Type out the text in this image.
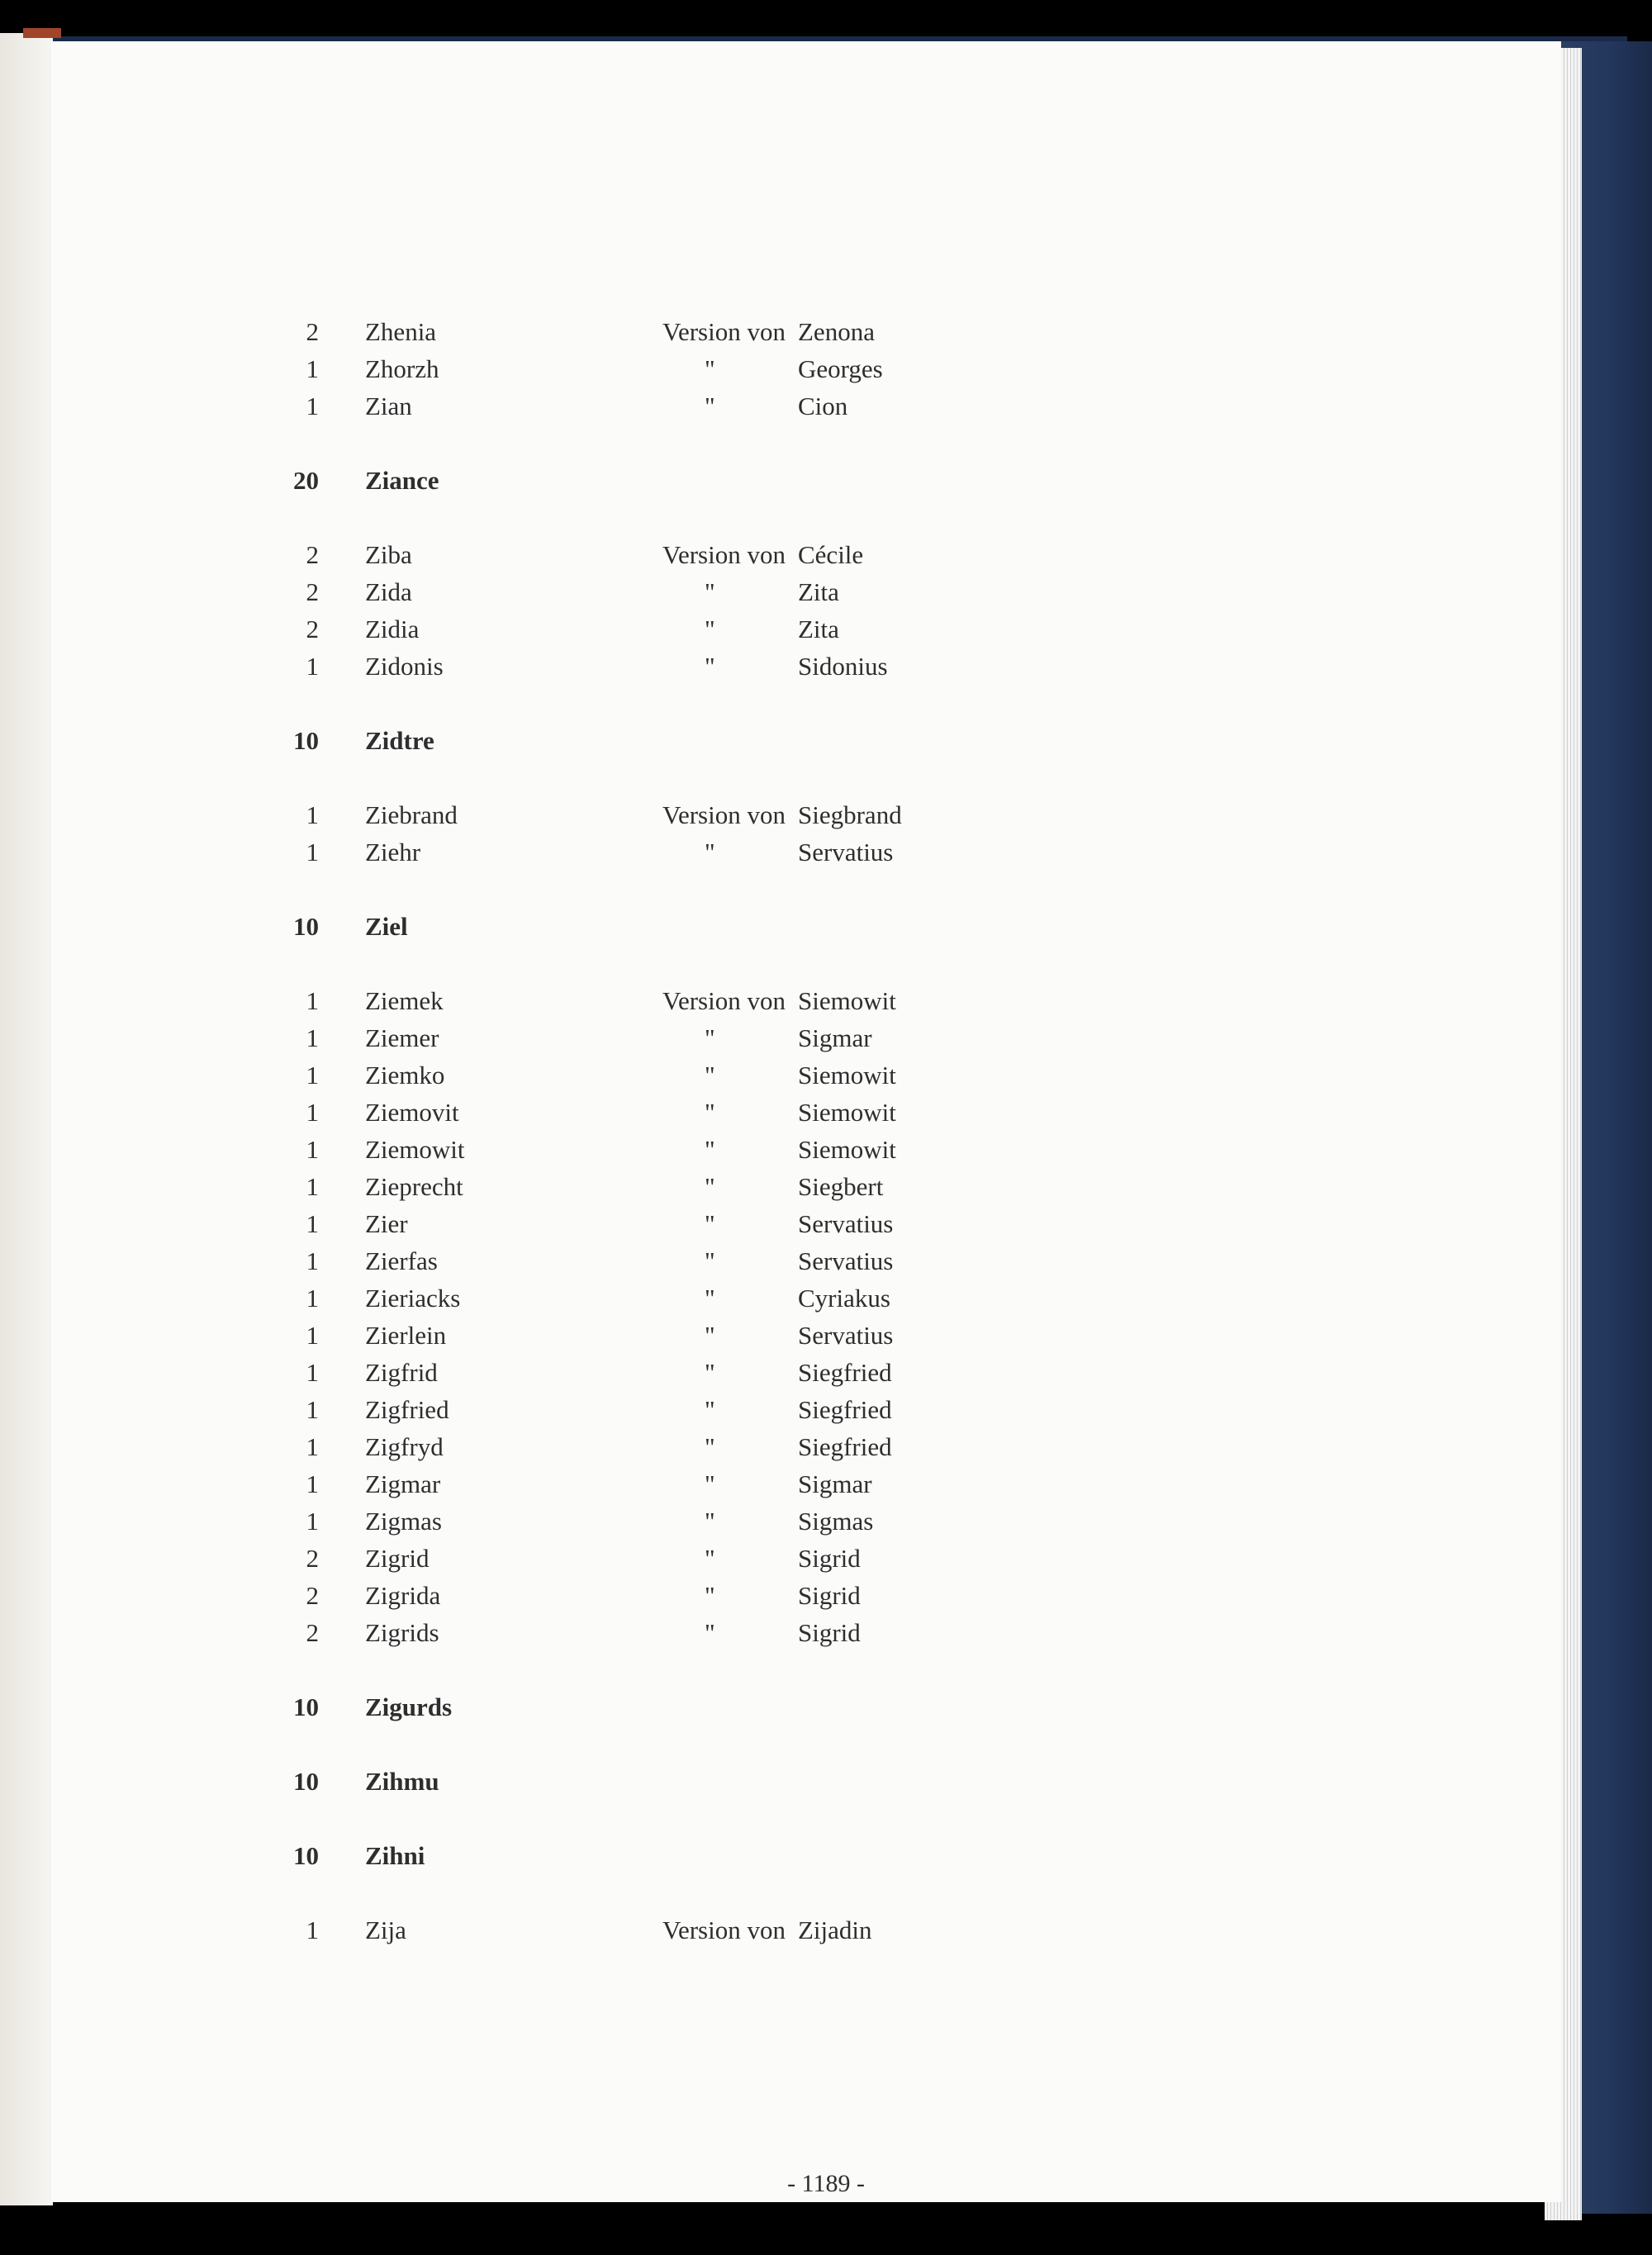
2 Zhenia	Version von Zenona
1 Zhorzh	"	Georges
1 Zian	"	Cion
20 Ziance
2 Ziba	Version von Cécile
2 Zida	"	Zita
2 Zidia	"	Zita
1 Zidonis	"	Sidonius
10 Zidtre
1 Ziebrand	Version von Siegbrand
1 Ziehr	"	Servatius
10 Ziel
1 Ziemek	Version von Siemowit
1 Ziemer	"	Sigmar
1 Ziemko	"	Siemowit
1 Ziemovit	"	Siemowit
1 Ziemowit	"	Siemowit
1 Zieprecht	"	Siegbert
1 Zier	"	Servatius
1 Zierfas	"	Servatius
1 Zieriacks	"	Cyriakus
1 Zierlein	"	Servatius
1 Zigfrid	"	Siegfried
1 Zigfried	"	Siegfried
1 Zigfryd	"	Siegfried
1 Zigmar	"	Sigmar
1 Zigmas	"	Sigmas
2 Zigrid	"	Sigrid
2 Zigrida	"	Sigrid
2 Zigrids	"	Sigrid
10 Zigurds
10 Zihmu
10 Zihni
1 Zija	Version von Zijadin
- 1189 -
